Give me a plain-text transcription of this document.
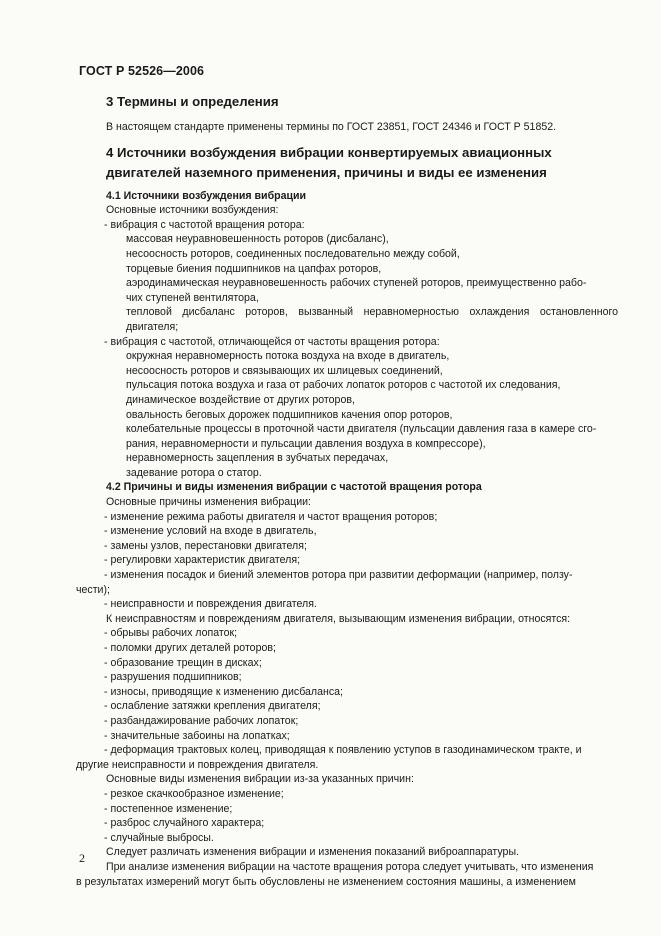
ГОСТ Р 52526—2006
3 Термины и определения

В настоящем стандарте применены термины по ГОСТ 23851, ГОСТ 24346 и ГОСТ Р 51852.

4 Источники возбуждения вибрации конвертируемых авиационных
двигателей наземного применения, причины и виды ее изменения
4.1 Источники возбуждения вибрации

Основные источники возбуждения:

- вибрация с частотой вращения ротора:

массовая неуравновешенность роторов (дисбаланс),

несоосность роторов, соединенных последовательно между собой,

торцевые биения подшипников на цапфах роторов,

аэродинамическая неуравновешенность рабочих ступеней роторов, преимущественно рабо-

чих ступеней вентилятора,

тепловой дисбаланс роторов, вызванный неравномерностью охлаждения остановленного

двигателя;

- вибрация с частотой, отличающейся от частоты вращения ротора:

окружная неравномерность потока воздуха на входе в двигатель,

несоосность роторов и связывающих их шлицевых соединений,

пульсация потока воздуха и газа от рабочих лопаток роторов с частотой их следования,

динамическое воздействие от других роторов,

овальность беговых дорожек подшипников качения опор роторов,

колебательные процессы в проточной части двигателя (пульсации давления газа в камере сго-

рания, неравномерности и пульсации давления воздуха в компрессоре),

неравномерность зацепления в зубчатых передачах,

задевание ротора о статор.

4.2 Причины и виды изменения вибрации с частотой вращения ротора

Основные причины изменения вибрации:

- изменение режима работы двигателя и частот вращения роторов;

- изменение условий на входе в двигатель,

- замены узлов, перестановки двигателя;

- регулировки характеристик двигателя;

- изменения посадок и биений элементов ротора при развитии деформации (например, ползу-

чести);

- неисправности и повреждения двигателя.

К неисправностям и повреждениям двигателя, вызывающим изменения вибрации, относятся:

- обрывы рабочих лопаток;

- поломки других деталей роторов;

- образование трещин в дисках;

- разрушения подшипников;

- износы, приводящие к изменению дисбаланса;

- ослабление затяжки крепления двигателя;

- разбандажирование рабочих лопаток;

- значительные забоины на лопатках;

- деформация трактовых колец, приводящая к появлению уступов в газодинамическом тракте, и

другие неисправности и повреждения двигателя.

Основные виды изменения вибрации из-за указанных причин:

- резкое скачкообразное изменение;

- постепенное изменение;

- разброс случайного характера;

- случайные выбросы.

Следует различать изменения вибрации и изменения показаний виброаппаратуры.

При анализе изменения вибрации на частоте вращения ротора следует учитывать, что изменения

в результатах измерений могут быть обусловлены не изменением состояния машины, а изменением

2
